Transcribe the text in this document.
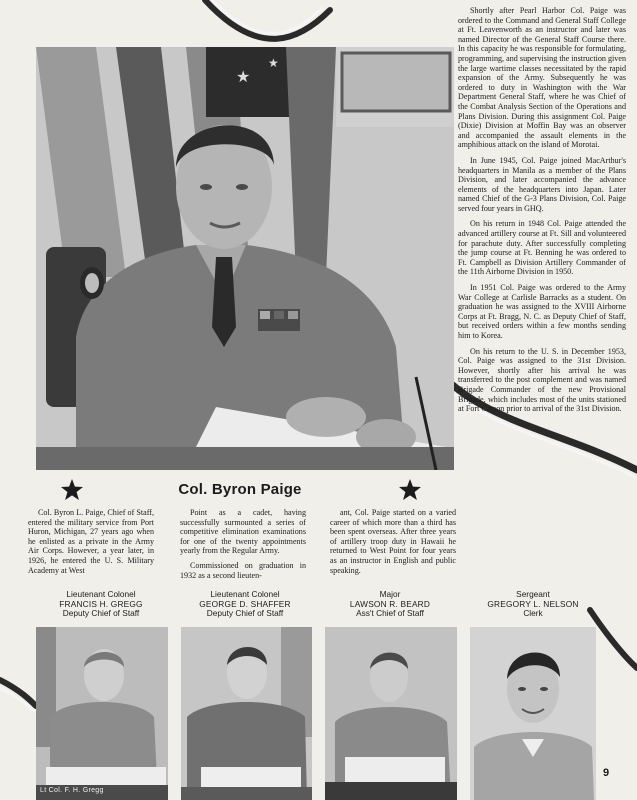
★
★

Shortly after Pearl Harbor Col. Paige was ordered to the Command and General Staff College at Ft. Leavenworth as an instructor and later was named Director of the General Staff Course there. In this capacity he was responsible for formulating, programming, and supervising the instruction given the large wartime classes necessitated by the rapid expansion of the Army. Subsequently he was ordered to duty in Washington with the War Department General Staff, where he was Chief of the Combat Analysis Section of the Operations and Plans Division. During this assignment Col. Paige (Dixie) Division at Moffin Bay was an observer and accompanied the assault elements in the amphibious attack on the island of Morotai.

In June 1945, Col. Paige joined MacArthur's headquarters in Manila as a member of the Plans Division, and later accompanied the advance elements of the headquarters into Japan. Later named Chief of the G-3 Plans Division, Col. Paige served four years in GHQ.

On his return in 1948 Col. Paige attended the advanced artillery course at Ft. Sill and volunteered for parachute duty. After successfully completing the jump course at Ft. Benning he was ordered to Ft. Campbell as Division Artillery Commander of the 11th Airborne Division in 1950.

In 1951 Col. Paige was ordered to the Army War College at Carlisle Barracks as a student. On graduation he was assigned to the XVIII Airborne Corps at Ft. Bragg, N. C. as Deputy Chief of Staff, but received orders within a few months sending him to Korea.

On his return to the U. S. in December 1953, Col. Paige was assigned to the 31st Division. However, shortly after his arrival he was transferred to the post complement and was named Brigade Commander of the new Provisional Brigade, which includes most of the units stationed at Fort Carson prior to arrival of the 31st Division.

Col. Byron Paige

Col. Byron L. Paige, Chief of Staff, entered the military service from Port Huron, Michigan, 27 years ago when he enlisted as a private in the Army Air Corps. However, a year later, in 1926, he entered the U. S. Military Academy at West

Point as a cadet, having successfully surmounted a series of competitive elimination examinations for one of the twenty appointments yearly from the Regular Army.

Commissioned on graduation in 1932 as a second lieuten-

ant, Col. Paige started on a varied career of which more than a third has been spent overseas. After three years of artillery troop duty in Hawaii he returned to West Point for four years as an instructor in English and public speaking.

Lieutenant Colonel
FRANCIS H. GREGG
Deputy Chief of Staff
Lieutenant Colonel
GEORGE D. SHAFFER
Deputy Chief of Staff
Major
LAWSON R. BEARD
Ass't Chief of Staff
Sergeant
GREGORY L. NELSON
Clerk
Lt Col. F. H. Gregg
9
